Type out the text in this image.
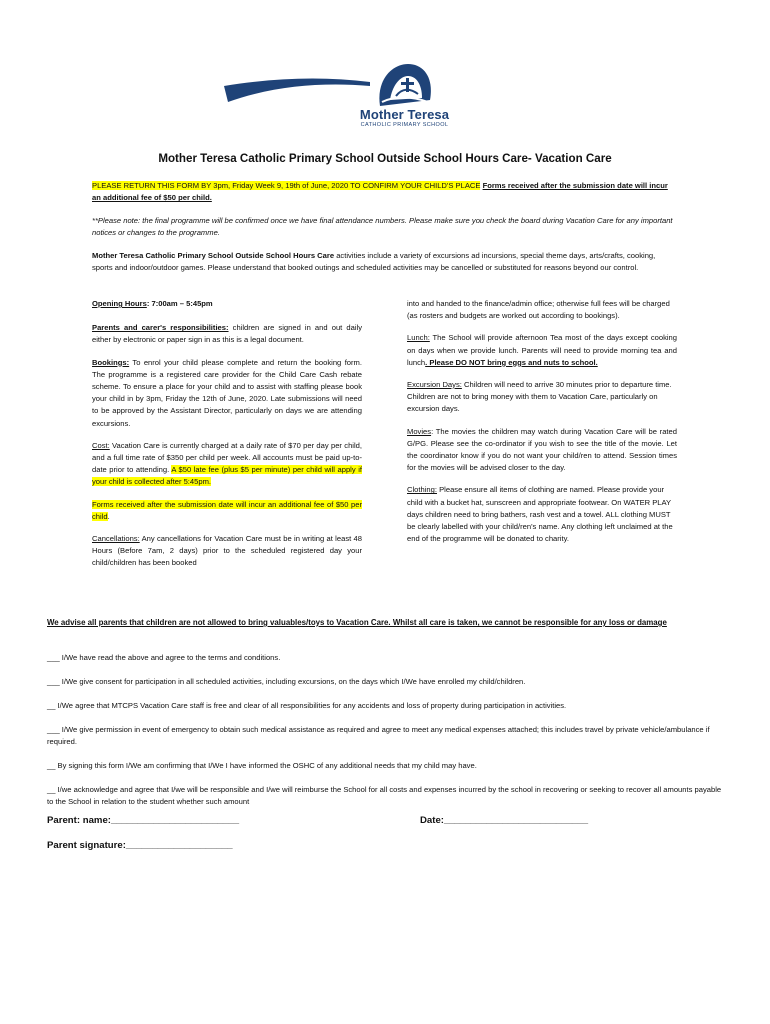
Mother Teresa
CATHOLIC PRIMARY SCHOOL
Mother Teresa Catholic Primary School Outside School Hours Care- Vacation Care

PLEASE RETURN THIS FORM BY 3pm, Friday Week 9, 19th of June, 2020 TO CONFIRM YOUR CHILD'S PLACE Forms received after the submission date will incur an additional fee of $50 per child.

**Please note: the final programme will be confirmed once we have final attendance numbers. Please make sure you check the board during Vacation Care for any important notices or changes to the programme.

Mother Teresa Catholic Primary School Outside School Hours Care activities include a variety of excursions ad incursions, special theme days, arts/crafts, cooking, sports and indoor/outdoor games. Please understand that booked outings and scheduled activities may be cancelled or substituted for reasons beyond our control.

Opening Hours: 7:00am – 5:45pm

Parents and carer's responsibilities: children are signed in and out daily either by electronic or paper sign in as this is a legal document.

Bookings: To enrol your child please complete and return the booking form. The programme is a registered care provider for the Child Care Cash rebate scheme. To ensure a place for your child and to assist with staffing please book your child in by 3pm, Friday the 12th of June, 2020. Late submissions will need to be approved by the Assistant Director, particularly on days we are attending excursions.

Cost: Vacation Care is currently charged at a daily rate of $70 per day per child, and a full time rate of $350 per child per week. All accounts must be paid up-to-date prior to attending. A $50 late fee (plus $5 per minute) per child will apply if your child is collected after 5:45pm.

Forms received after the submission date will incur an additional fee of $50 per child.

Cancellations: Any cancellations for Vacation Care must be in writing at least 48 Hours (Before 7am, 2 days) prior to the scheduled registered day your child/children has been booked

into and handed to the finance/admin office; otherwise full fees will be charged (as rosters and budgets are worked out according to bookings).

Lunch: The School will provide afternoon Tea most of the days except cooking on days when we provide lunch. Parents will need to provide morning tea and lunch. Please DO NOT bring eggs and nuts to school.

Excursion Days: Children will need to arrive 30 minutes prior to departure time. Children are not to bring money with them to Vacation Care, particularly on excursion days.

Movies: The movies the children may watch during Vacation Care will be rated G/PG. Please see the co-ordinator if you wish to see the title of the movie. Let the coordinator know if you do not want your child/ren to attend. Session times for the movies will be advised closer to the day.

Clothing: Please ensure all items of clothing are named. Please provide your child with a bucket hat, sunscreen and appropriate footwear. On WATER PLAY days children need to bring bathers, rash vest and a towel. ALL clothing MUST be clearly labelled with your child/ren's name. Any clothing left unclaimed at the end of the programme will be donated to charity.

We advise all parents that children are not allowed to bring valuables/toys to Vacation Care. Whilst all care is taken, we cannot be responsible for any loss or damage

___ I/We have read the above and agree to the terms and conditions.

___ I/We give consent for participation in all scheduled activities, including excursions, on the days which I/We have enrolled my child/children.

__ I/We agree that MTCPS Vacation Care staff is free and clear of all responsibilities for any accidents and loss of property during participation in activities.

___ I/We give permission in event of emergency to obtain such medical assistance as required and agree to meet any medical expenses attached; this includes travel by private vehicle/ambulance if required.

__ By signing this form I/We am confirming that I/We I have informed the OSHC of any additional needs that my child may have.

__ I/we acknowledge and agree that I/we will be responsible and I/we will reimburse the School for all costs and expenses incurred by the school in recovering or seeking to recover all amounts payable to the School in relation to the student whether such amount

Parent: name:________________________	Date:___________________________
Parent signature:____________________
